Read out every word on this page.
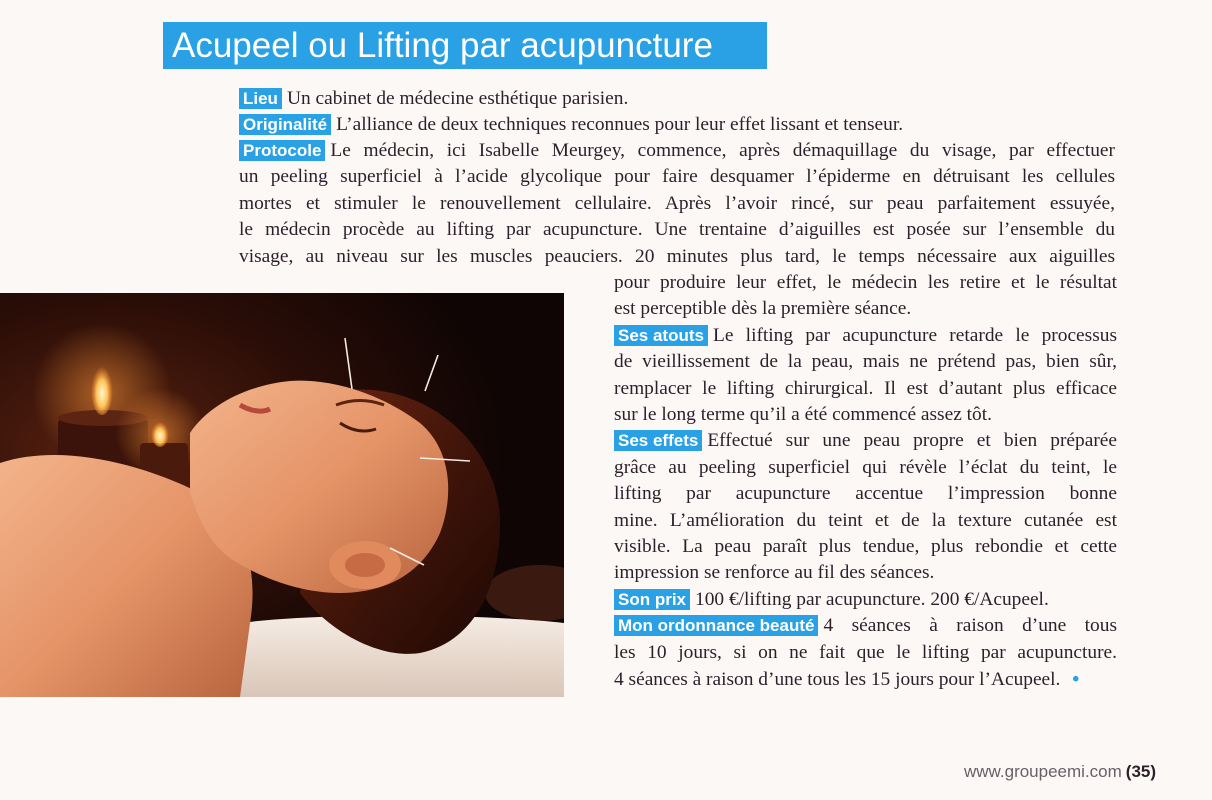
Acupeel ou Lifting par acupuncture
Lieu Un cabinet de médecine esthétique parisien.
Originalité L’alliance de deux techniques reconnues pour leur effet lissant et tenseur.
Protocole Le médecin, ici Isabelle Meurgey, commence, après démaquillage du visage, par effectuer
un peeling superficiel à l’acide glycolique pour faire desquamer l’épiderme en détruisant les cellules
mortes et stimuler le renouvellement cellulaire. Après l’avoir rincé, sur peau parfaitement essuyée,
le médecin procède au lifting par acupuncture. Une trentaine d’aiguilles est posée sur l’ensemble du
visage, au niveau sur les muscles peauciers. 20 minutes plus tard, le temps nécessaire aux aiguilles
pour produire leur effet, le médecin les retire et le résultat
est perceptible dès la première séance.
Ses atouts Le lifting par acupuncture retarde le processus
de vieillissement de la peau, mais ne prétend pas, bien sûr,
remplacer le lifting chirurgical. Il est d’autant plus efficace
sur le long terme qu’il a été commencé assez tôt.
Ses effets Effectué sur une peau propre et bien préparée
grâce au peeling superficiel qui révèle l’éclat du teint, le
lifting par acupuncture accentue l’impression bonne
mine. L’amélioration du teint et de la texture cutanée est
visible. La peau paraît plus tendue, plus rebondie et cette
impression se renforce au fil des séances.
Son prix 100 €/lifting par acupuncture. 200 €/Acupeel.
Mon ordonnance beauté 4 séances à raison d’une tous
les 10 jours, si on ne fait que le lifting par acupuncture.
4 séances à raison d’une tous les 15 jours pour l’Acupeel. •
www.groupeemi.com (35)
